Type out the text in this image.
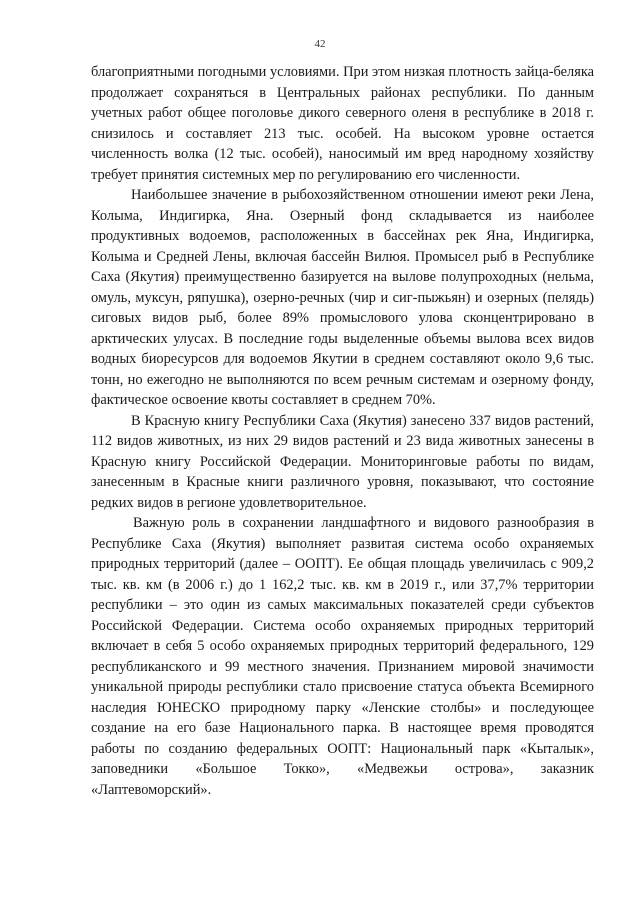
42

благоприятными погодными условиями. При этом низкая плотность зайца-беляка продолжает сохраняться в Центральных районах республики. По данным учетных работ общее поголовье дикого северного оленя в республике в 2018 г. снизилось и составляет 213 тыс. особей. На высоком уровне остается численность волка (12 тыс. особей), наносимый им вред народному хозяйству требует принятия системных мер по регулированию его численности.

Наибольшее значение в рыбохозяйственном отношении имеют реки Лена, Колыма, Индигирка, Яна. Озерный фонд складывается из наиболее продуктивных водоемов, расположенных в бассейнах рек Яна, Индигирка, Колыма и Средней Лены, включая бассейн Вилюя. Промысел рыб в Республике Саха (Якутия) преимущественно базируется на вылове полупроходных (нельма, омуль, муксун, ряпушка), озерно-речных (чир и сиг-пыжьян) и озерных (пелядь) сиговых видов рыб, более 89% промыслового улова сконцентрировано в арктических улусах. В последние годы выделенные объемы вылова всех видов водных биоресурсов для водоемов Якутии в среднем составляют около 9,6 тыс. тонн, но ежегодно не выполняются по всем речным системам и озерному фонду, фактическое освоение квоты составляет в среднем 70%.

В Красную книгу Республики Саха (Якутия) занесено 337 видов растений, 112 видов животных, из них 29 видов растений и 23 вида животных занесены в Красную книгу Российской Федерации. Мониторинговые работы по видам, занесенным в Красные книги различного уровня, показывают, что состояние редких видов в регионе удовлетворительное.

Важную роль в сохранении ландшафтного и видового разнообразия в Республике Саха (Якутия) выполняет развитая система особо охраняемых природных территорий (далее – ООПТ). Ее общая площадь увеличилась с 909,2 тыс. кв. км (в 2006 г.) до 1 162,2 тыс. кв. км в 2019 г., или 37,7% территории республики – это один из самых максимальных показателей среди субъектов Российской Федерации. Система особо охраняемых природных территорий включает в себя 5 особо охраняемых природных территорий федерального, 129 республиканского и 99 местного значения. Признанием мировой значимости уникальной природы республики стало присвоение статуса объекта Всемирного наследия ЮНЕСКО природному парку «Ленские столбы» и последующее создание на его базе Национального парка. В настоящее время проводятся работы по созданию федеральных ООПТ: Национальный парк «Кыталык», заповедники «Большое Токко», «Медвежьи острова», заказник «Лаптевоморский».
